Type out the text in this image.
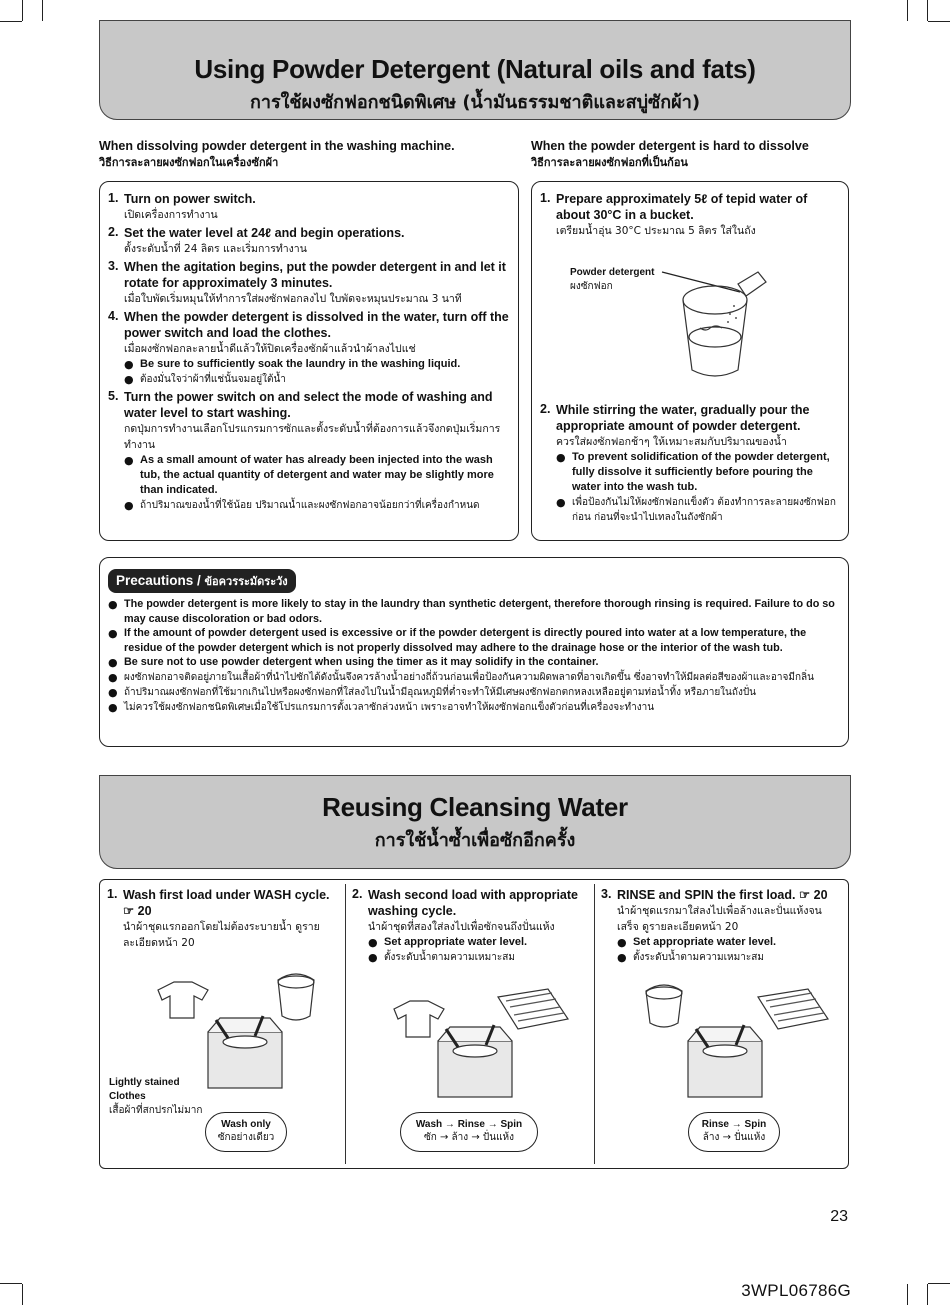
Using Powder Detergent (Natural oils and fats)
การใช้ผงซักฟอกชนิดพิเศษ (น้ำมันธรรมชาติและสบู่ซักผ้า)
When dissolving powder detergent in the washing machine.
วิธีการละลายผงซักฟอกในเครื่องซักผ้า
When the powder detergent is hard to dissolve
วิธีการละลายผงซักฟอกที่เป็นก้อน
1. Turn on power switch.
เปิดเครื่องการทำงาน
2. Set the water level at 24ℓ and begin operations.
ตั้งระดับน้ำที่ 24 ลิตร และเริ่มการทำงาน
3. When the agitation begins, put the powder detergent in and let it rotate for approximately 3 minutes.
เมื่อใบพัดเริ่มหมุนให้ทำการใส่ผงซักฟอกลงไป ใบพัดจะหมุนประมาณ 3 นาที
4. When the powder detergent is dissolved in the water, turn off the power switch and load the clothes.
เมื่อผงซักฟอกละลายน้ำดีแล้วให้ปิดเครื่องซักผ้าแล้วนำผ้าลงไปแช่
● Be sure to sufficiently soak the laundry in the washing liquid.
● ต้องมั่นใจว่าผ้าที่แช่นั้นจมอยู่ใต้น้ำ
5. Turn the power switch on and select the mode of washing and water level to start washing.
กดปุ่มการทำงานเลือกโปรแกรมการซักและตั้งระดับน้ำที่ต้องการแล้วจึงกดปุ่มเริ่มการทำงาน
● As a small amount of water has already been injected into the wash tub, the actual quantity of detergent and water may be slightly more than indicated.
● ถ้าปริมาณของน้ำที่ใช้น้อย ปริมาณน้ำและผงซักฟอกอาจน้อยกว่าที่เครื่องกำหนด
1. Prepare approximately 5ℓ of tepid water of about 30°C in a bucket.
เตรียมน้ำอุ่น 30°C ประมาณ 5 ลิตร ใส่ในถัง
2. While stirring the water, gradually pour the appropriate amount of powder detergent.
ควรใส่ผงซักฟอกช้าๆ ให้เหมาะสมกับปริมาณของน้ำ
● To prevent solidification of the powder detergent, fully dissolve it sufficiently before pouring the water into the wash tub.
● เพื่อป้องกันไม่ให้ผงซักฟอกแข็งตัว ต้องทำการละลายผงซักฟอกก่อน ก่อนที่จะนำไปเทลงในถังซักผ้า
Powder detergent
ผงซักฟอก
Precautions / ข้อควรระมัดระวัง
● The powder detergent is more likely to stay in the laundry than synthetic detergent, therefore thorough rinsing is required. Failure to do so may cause discoloration or bad odors.
● If the amount of powder detergent used is excessive or if the powder detergent is directly poured into water at a low temperature, the residue of the powder detergent which is not properly dissolved may adhere to the drainage hose or the interior of the wash tub.
● Be sure not to use powder detergent when using the timer as it may solidify in the container.
● ผงซักฟอกอาจติดอยู่ภายในเสื้อผ้าที่นำไปซักได้ดังนั้นจึงควรล้างน้ำอย่างถี่ถ้วนก่อนเพื่อป้องกันความผิดพลาดที่อาจเกิดขึ้น ซึ่งอาจทำให้มีผลต่อสีของผ้าและอาจมีกลิ่น
● ถ้าปริมาณผงซักฟอกที่ใช้มากเกินไปหรือผงซักฟอกที่ใส่ลงไปในน้ำมีอุณหภูมิที่ต่ำจะทำให้มีเศษผงซักฟอกตกหลงเหลืออยู่ตามท่อน้ำทิ้ง หรือภายในถังปั่น
● ไม่ควรใช้ผงซักฟอกชนิดพิเศษเมื่อใช้โปรแกรมการตั้งเวลาซักล่วงหน้า เพราะอาจทำให้ผงซักฟอกแข็งตัวก่อนที่เครื่องจะทำงาน
Reusing Cleansing Water
การใช้น้ำซ้ำเพื่อซักอีกครั้ง
1. Wash first load under WASH cycle.
☞ 20
นำผ้าชุดแรกออกโดยไม่ต้องระบายน้ำ ดูรายละเอียดหน้า 20
Lightly stained Clothes
เสื้อผ้าที่สกปรกไม่มาก
Wash only
ซักอย่างเดียว
2. Wash second load with appropriate washing cycle.
นำผ้าชุดที่สองใส่ลงไปเพื่อซักจนถึงปั่นแห้ง
● Set appropriate water level.
● ตั้งระดับน้ำตามความเหมาะสม
Wash → Rinse → Spin
ซัก → ล้าง → ปั่นแห้ง
3. RINSE and SPIN the first load. ☞ 20
นำผ้าชุดแรกมาใส่ลงไปเพื่อล้างและปั่นแห้งจนเสร็จ ดูรายละเอียดหน้า 20
● Set appropriate water level.
● ตั้งระดับน้ำตามความเหมาะสม
Rinse → Spin
ล้าง → ปั่นแห้ง
23
3WPL06786G
